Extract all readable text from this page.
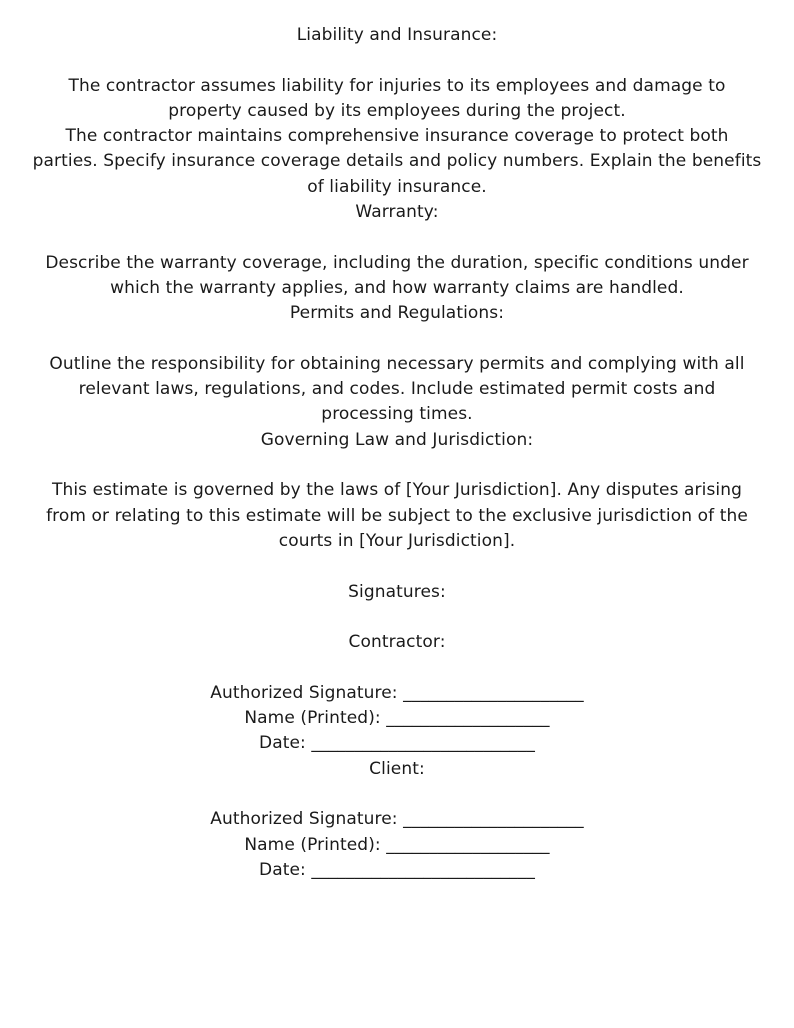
Liability and Insurance:
The contractor assumes liability for injuries to its employees and damage to
property caused by its employees during the project.
The contractor maintains comprehensive insurance coverage to protect both
parties. Specify insurance coverage details and policy numbers. Explain the benefits
of liability insurance.
Warranty:
Describe the warranty coverage, including the duration, specific conditions under
which the warranty applies, and how warranty claims are handled.
Permits and Regulations:
Outline the responsibility for obtaining necessary permits and complying with all
relevant laws, regulations, and codes. Include estimated permit costs and
processing times.
Governing Law and Jurisdiction:
This estimate is governed by the laws of [Your Jurisdiction]. Any disputes arising
from or relating to this estimate will be subject to the exclusive jurisdiction of the
courts in [Your Jurisdiction].
Signatures:
Contractor:
Authorized Signature: _____________________
Name (Printed): ___________________
Date: __________________________
Client:
Authorized Signature: _____________________
Name (Printed): ___________________
Date: __________________________
